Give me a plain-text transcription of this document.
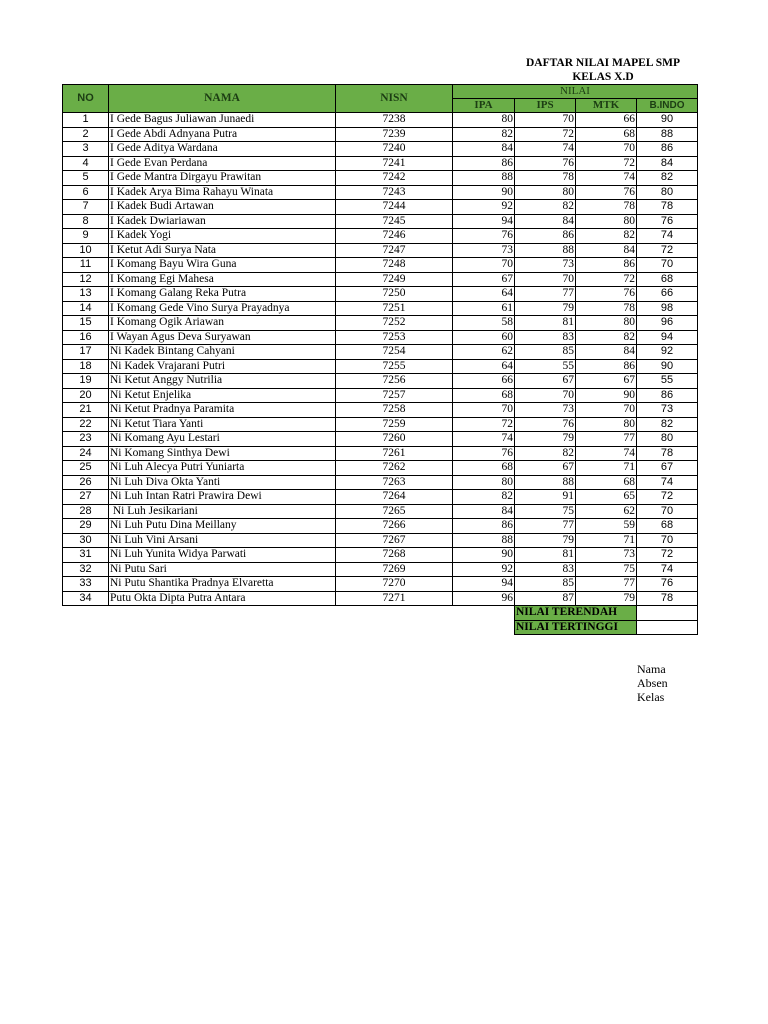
DAFTAR NILAI MAPEL SMP
KELAS X.D
NO	NAMA	NISN	NILAI			
			IPA	IPS	MTK	B.INDO
1	I Gede Bagus Juliawan Junaedi	7238	80	70	66	90
2	I Gede Abdi Adnyana Putra	7239	82	72	68	88
3	I Gede Aditya Wardana	7240	84	74	70	86
4	I Gede Evan Perdana	7241	86	76	72	84
5	I Gede Mantra Dirgayu Prawitan	7242	88	78	74	82
6	I Kadek Arya Bima Rahayu Winata	7243	90	80	76	80
7	I Kadek Budi Artawan	7244	92	82	78	78
8	I Kadek Dwiariawan	7245	94	84	80	76
9	I Kadek Yogi	7246	76	86	82	74
10	I Ketut Adi Surya Nata	7247	73	88	84	72
11	I Komang Bayu Wira Guna	7248	70	73	86	70
12	I Komang Egi Mahesa	7249	67	70	72	68
13	I Komang Galang Reka Putra	7250	64	77	76	66
14	I Komang Gede Vino Surya Prayadnya	7251	61	79	78	98
15	I Komang Ogik Ariawan	7252	58	81	80	96
16	I Wayan Agus Deva Suryawan	7253	60	83	82	94
17	Ni Kadek Bintang Cahyani	7254	62	85	84	92
18	Ni Kadek Vrajarani Putri	7255	64	55	86	90
19	Ni Ketut Anggy Nutrilia	7256	66	67	67	55
20	Ni Ketut Enjelika	7257	68	70	90	86
21	Ni Ketut Pradnya Paramita	7258	70	73	70	73
22	Ni Ketut Tiara Yanti	7259	72	76	80	82
23	Ni Komang Ayu Lestari	7260	74	79	77	80
24	Ni Komang Sinthya Dewi	7261	76	82	74	78
25	Ni Luh Alecya Putri Yuniarta	7262	68	67	71	67
26	Ni Luh Diva Okta Yanti	7263	80	88	68	74
27	Ni Luh Intan Ratri Prawira Dewi	7264	82	91	65	72
28	Ni Luh Jesikariani	7265	84	75	62	70
29	Ni Luh Putu Dina Meillany	7266	86	77	59	68
30	Ni Luh Vini Arsani	7267	88	79	71	70
31	Ni Luh Yunita Widya Parwati	7268	90	81	73	72
32	Ni Putu Sari	7269	92	83	75	74
33	Ni Putu Shantika Pradnya Elvaretta	7270	94	85	77	76
34	Putu Okta Dipta Putra Antara	7271	96	87	79	78
				NILAI TERENDAH		
				NILAI TERTINGGI		
Nama
Absen
Kelas
